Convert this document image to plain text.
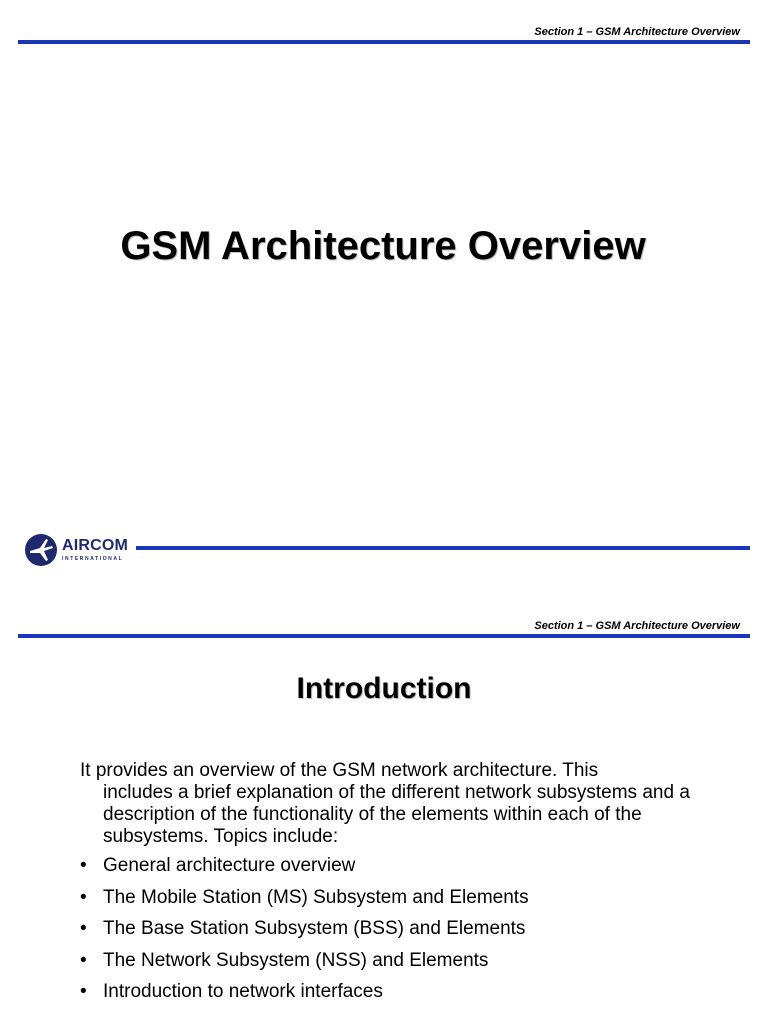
Section 1 – GSM Architecture Overview
GSM Architecture Overview
AIRCOM
INTERNATIONAL
Section 1 – GSM Architecture Overview
Introduction
It provides an overview of the GSM network architecture. This
includes a brief explanation of the different network subsystems and a description of the functionality of the elements within each of the subsystems. Topics include:
• General architecture overview
• The Mobile Station (MS) Subsystem and Elements
• The Base Station Subsystem (BSS) and Elements
• The Network Subsystem (NSS) and Elements
• Introduction to network interfaces
